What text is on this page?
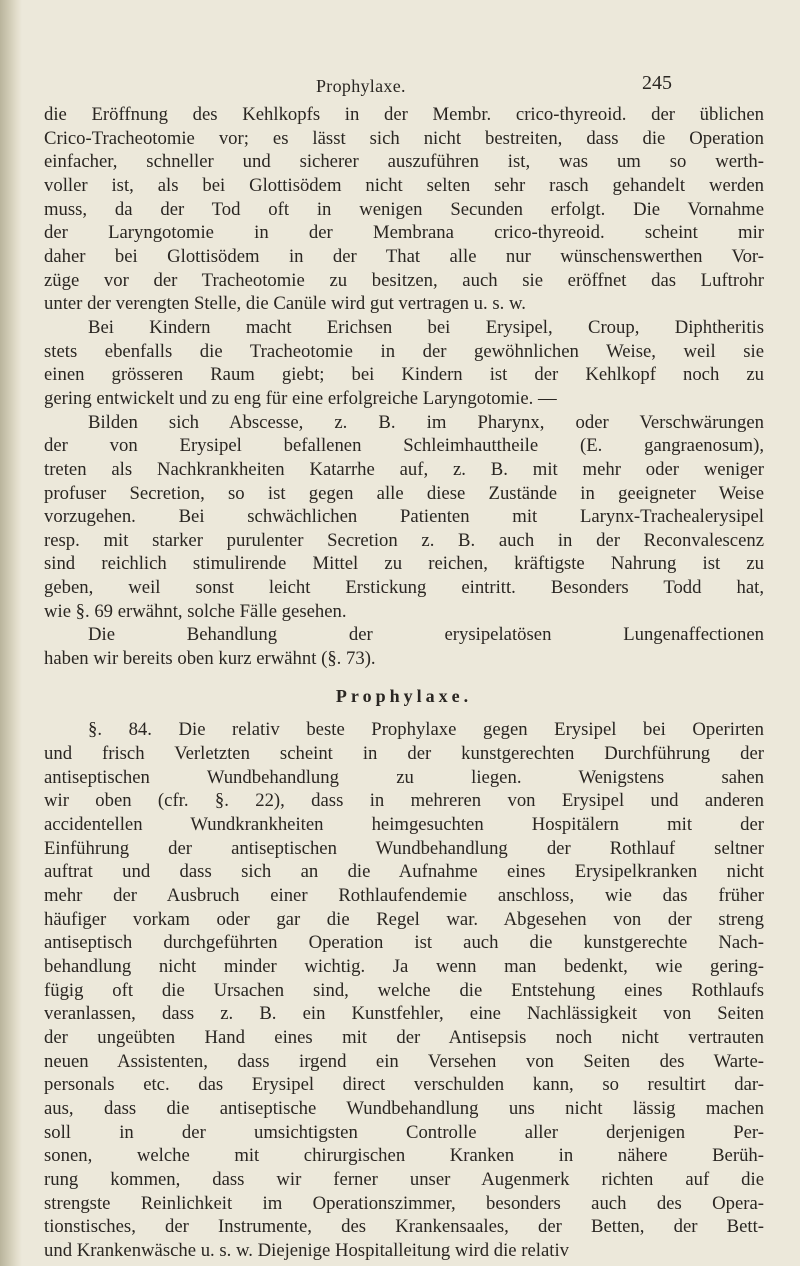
Prophylaxe.	245
die Eröffnung des Kehlkopfs in der Membr. crico-thyreoid. der üblichen
Crico-Tracheotomie vor; es lässt sich nicht bestreiten, dass die Operation
einfacher, schneller und sicherer auszuführen ist, was um so werth-
voller ist, als bei Glottisödem nicht selten sehr rasch gehandelt werden
muss, da der Tod oft in wenigen Secunden erfolgt. Die Vornahme
der Laryngotomie in der Membrana crico-thyreoid. scheint mir
daher bei Glottisödem in der That alle nur wünschenswerthen Vor-
züge vor der Tracheotomie zu besitzen, auch sie eröffnet das Luftrohr
unter der verengten Stelle, die Canüle wird gut vertragen u. s. w.
Bei Kindern macht Erichsen bei Erysipel, Croup, Diphtheritis
stets ebenfalls die Tracheotomie in der gewöhnlichen Weise, weil sie
einen grösseren Raum giebt; bei Kindern ist der Kehlkopf noch zu
gering entwickelt und zu eng für eine erfolgreiche Laryngotomie. —
Bilden sich Abscesse, z. B. im Pharynx, oder Verschwärungen
der von Erysipel befallenen Schleimhauttheile (E. gangraenosum),
treten als Nachkrankheiten Katarrhe auf, z. B. mit mehr oder weniger
profuser Secretion, so ist gegen alle diese Zustände in geeigneter Weise
vorzugehen. Bei schwächlichen Patienten mit Larynx-Trachealerysipel
resp. mit starker purulenter Secretion z. B. auch in der Reconvalescenz
sind reichlich stimulirende Mittel zu reichen, kräftigste Nahrung ist zu
geben, weil sonst leicht Erstickung eintritt. Besonders Todd hat,
wie §. 69 erwähnt, solche Fälle gesehen.
Die Behandlung der erysipelatösen Lungenaffectionen
haben wir bereits oben kurz erwähnt (§. 73).
Prophylaxe.
§. 84. Die relativ beste Prophylaxe gegen Erysipel bei Operirten
und frisch Verletzten scheint in der kunstgerechten Durchführung der
antiseptischen Wundbehandlung zu liegen. Wenigstens sahen
wir oben (cfr. §. 22), dass in mehreren von Erysipel und anderen
accidentellen Wundkrankheiten heimgesuchten Hospitälern mit der
Einführung der antiseptischen Wundbehandlung der Rothlauf seltner
auftrat und dass sich an die Aufnahme eines Erysipelkranken nicht
mehr der Ausbruch einer Rothlaufendemie anschloss, wie das früher
häufiger vorkam oder gar die Regel war. Abgesehen von der streng
antiseptisch durchgeführten Operation ist auch die kunstgerechte Nach-
behandlung nicht minder wichtig. Ja wenn man bedenkt, wie gering-
fügig oft die Ursachen sind, welche die Entstehung eines Rothlaufs
veranlassen, dass z. B. ein Kunstfehler, eine Nachlässigkeit von Seiten
der ungeübten Hand eines mit der Antisepsis noch nicht vertrauten
neuen Assistenten, dass irgend ein Versehen von Seiten des Warte-
personals etc. das Erysipel direct verschulden kann, so resultirt dar-
aus, dass die antiseptische Wundbehandlung uns nicht lässig machen
soll in der umsichtigsten Controlle aller derjenigen Per-
sonen, welche mit chirurgischen Kranken in nähere Berüh-
rung kommen, dass wir ferner unser Augenmerk richten auf die
strengste Reinlichkeit im Operationszimmer, besonders auch des Opera-
tionstisches, der Instrumente, des Krankensaales, der Betten, der Bett-
und Krankenwäsche u. s. w. Diejenige Hospitalleitung wird die relativ
